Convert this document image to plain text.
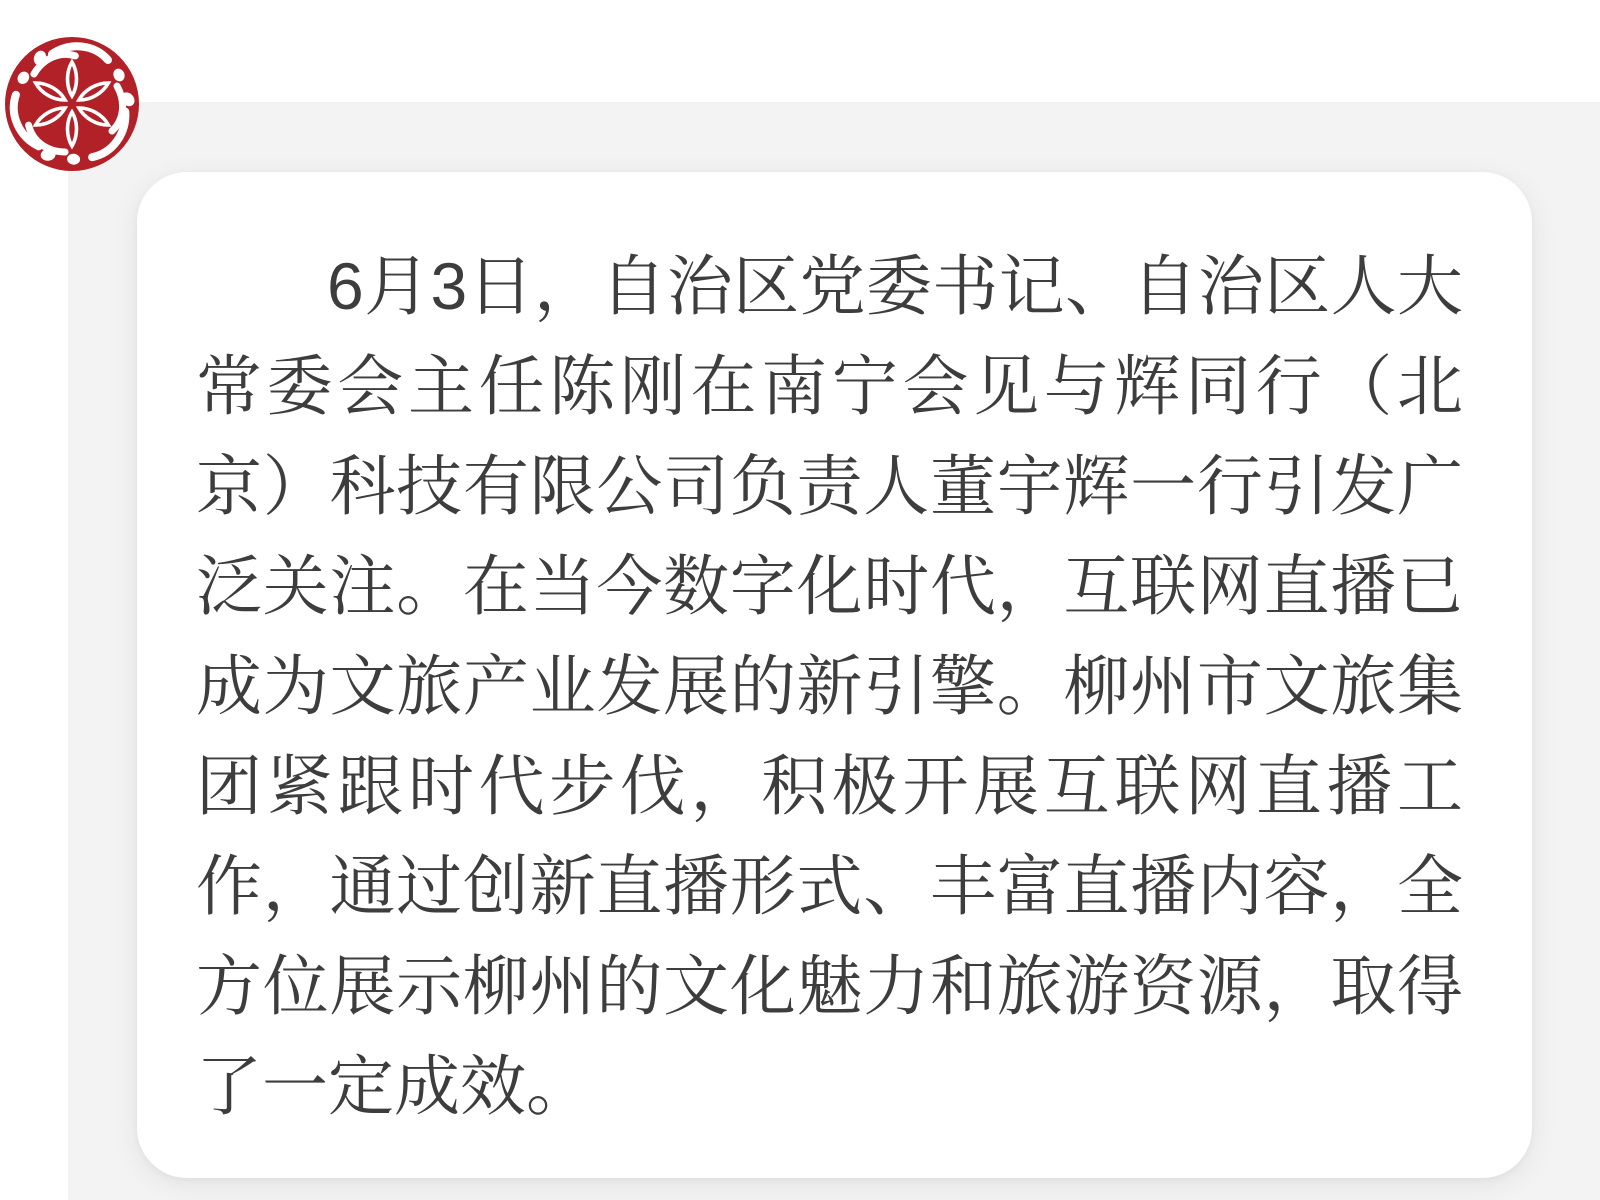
6月3日，自治区党委书记、自治区人大
常委会主任陈刚在南宁会见与辉同行（北
京）科技有限公司负责人董宇辉一行引发广
泛关注。在当今数字化时代，互联网直播已
成为文旅产业发展的新引擎。柳州市文旅集
团紧跟时代步伐，积极开展互联网直播工
作，通过创新直播形式、丰富直播内容，全
方位展示柳州的文化魅力和旅游资源，取得
了一定成效。
